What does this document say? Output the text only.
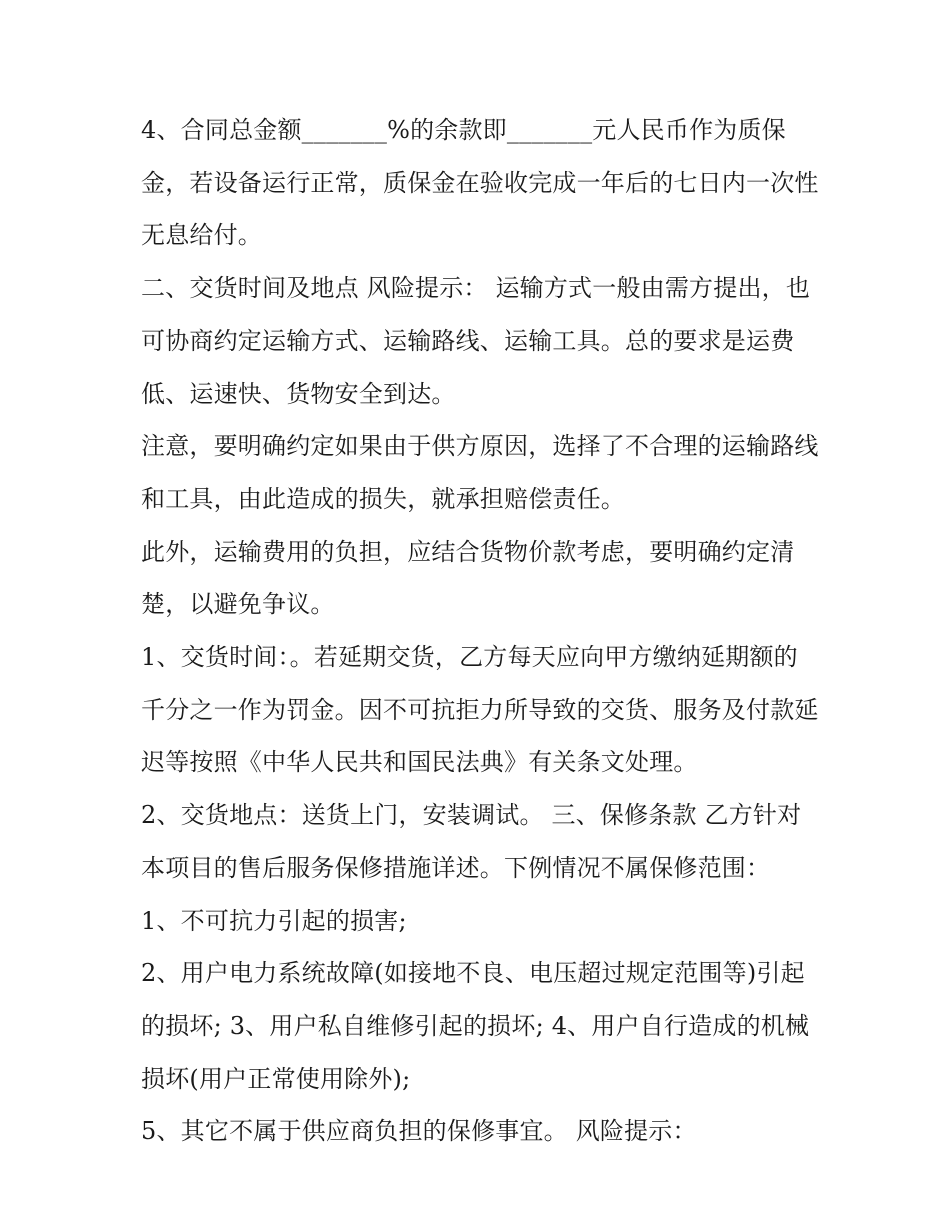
4、合同总金额_______%的余款即_______元人民币作为质保金，若设备运行正常，质保金在验收完成一年后的七日内一次性无息给付。

二、交货时间及地点 风险提示： 运输方式一般由需方提出，也可协商约定运输方式、运输路线、运输工具。总的要求是运费低、运速快、货物安全到达。

注意，要明确约定如果由于供方原因，选择了不合理的运输路线和工具，由此造成的损失，就承担赔偿责任。

此外，运输费用的负担，应结合货物价款考虑，要明确约定清楚，以避免争议。

1、交货时间：。若延期交货，乙方每天应向甲方缴纳延期额的千分之一作为罚金。因不可抗拒力所导致的交货、服务及付款延迟等按照《中华人民共和国民法典》有关条文处理。

2、交货地点：送货上门，安装调试。 三、保修条款 乙方针对本项目的售后服务保修措施详述。下例情况不属保修范围：

1、不可抗力引起的损害;

2、用户电力系统故障(如接地不良、电压超过规定范围等)引起的损坏; 3、用户私自维修引起的损坏; 4、用户自行造成的机械损坏(用户正常使用除外);

5、其它不属于供应商负担的保修事宜。 风险提示：
